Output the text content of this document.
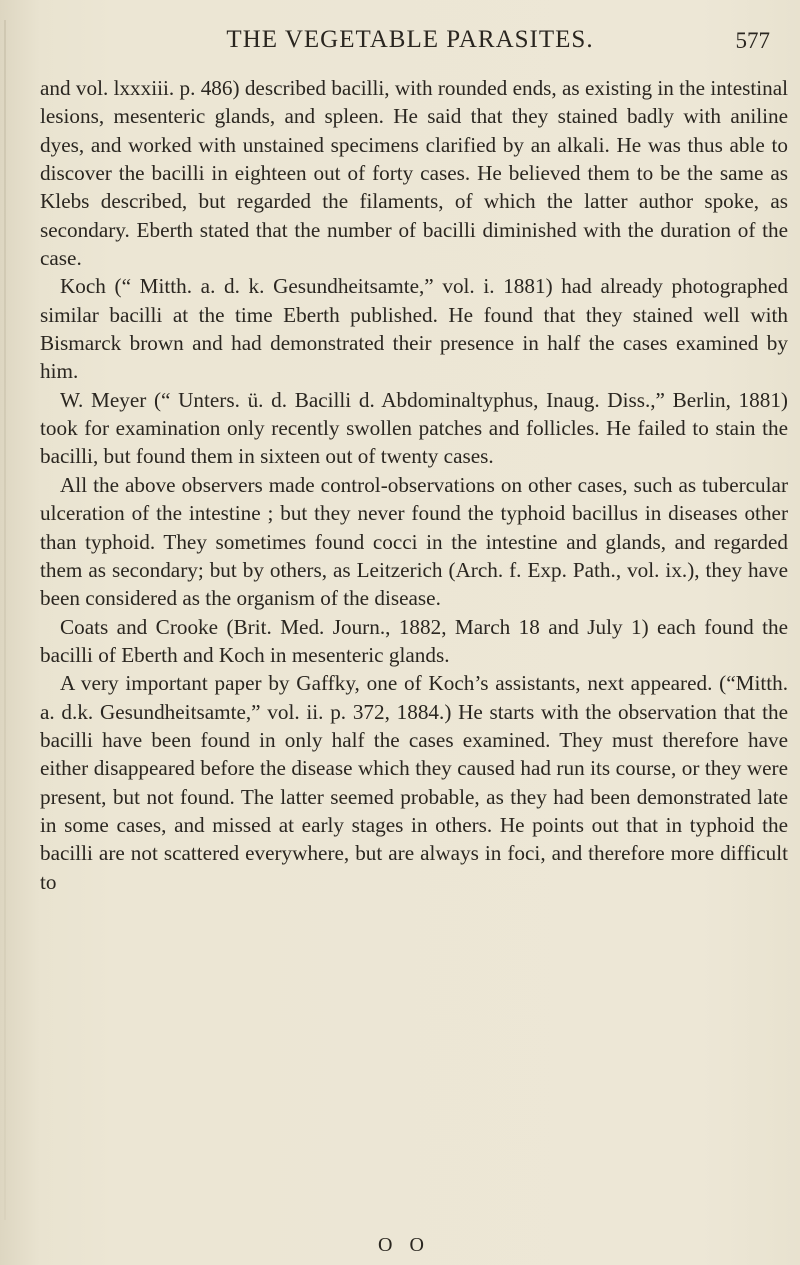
THE VEGETABLE PARASITES.	577

and vol. lxxxiii. p. 486) described bacilli, with rounded ends, as existing in the intestinal lesions, mesenteric glands, and spleen. He said that they stained badly with aniline dyes, and worked with unstained specimens clarified by an alkali. He was thus able to discover the bacilli in eighteen out of forty cases. He believed them to be the same as Klebs described, but regarded the filaments, of which the latter author spoke, as secondary. Eberth stated that the number of bacilli diminished with the duration of the case.

Koch (“ Mitth. a. d. k. Gesundheitsamte,” vol. i. 1881) had already photographed similar bacilli at the time Eberth published. He found that they stained well with Bismarck brown and had demonstrated their presence in half the cases examined by him.

W. Meyer (“ Unters. ü. d. Bacilli d. Abdominaltyphus, Inaug. Diss.,” Berlin, 1881) took for examination only recently swollen patches and follicles. He failed to stain the bacilli, but found them in sixteen out of twenty cases.

All the above observers made control-observations on other cases, such as tubercular ulceration of the intestine ; but they never found the typhoid bacillus in diseases other than typhoid. They sometimes found cocci in the intestine and glands, and regarded them as secondary; but by others, as Leitzerich (Arch. f. Exp. Path., vol. ix.), they have been considered as the organism of the disease.

Coats and Crooke (Brit. Med. Journ., 1882, March 18 and July 1) each found the bacilli of Eberth and Koch in mesenteric glands.

A very important paper by Gaffky, one of Koch’s assistants, next appeared. (“Mitth. a. d.k. Gesundheitsamte,” vol. ii. p. 372, 1884.) He starts with the observation that the bacilli have been found in only half the cases examined. They must therefore have either disappeared before the disease which they caused had run its course, or they were present, but not found. The latter seemed probable, as they had been demonstrated late in some cases, and missed at early stages in others. He points out that in typhoid the bacilli are not scattered everywhere, but are always in foci, and therefore more difficult to

O O
